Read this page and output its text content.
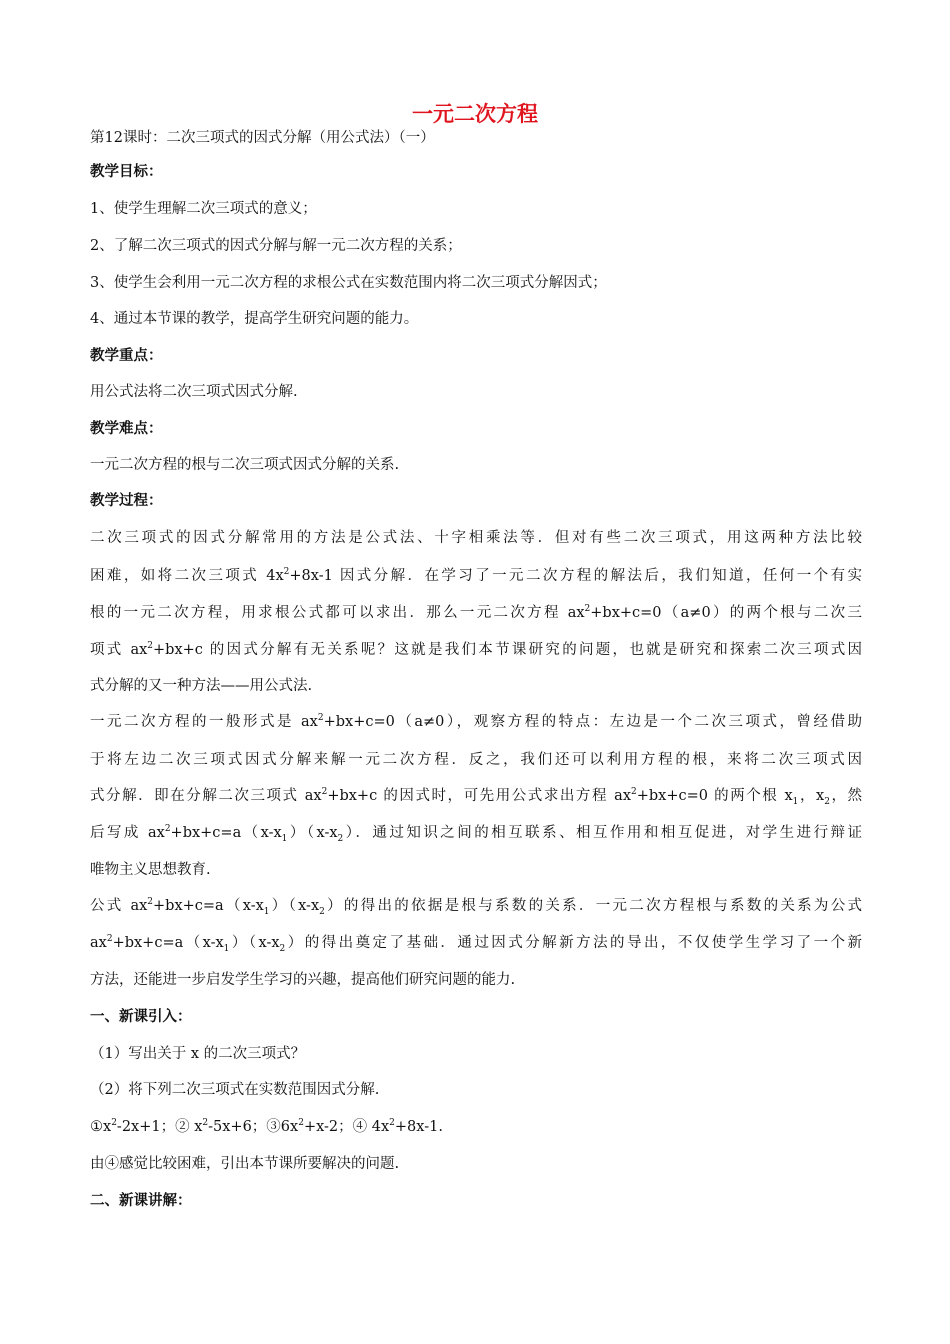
一元二次方程
第12课时：二次三项式的因式分解（用公式法）（一）
教学目标：
1、使学生理解二次三项式的意义；
2、了解二次三项式的因式分解与解一元二次方程的关系；
3、使学生会利用一元二次方程的求根公式在实数范围内将二次三项式分解因式；
4、通过本节课的教学，提高学生研究问题的能力。
教学重点：
用公式法将二次三项式因式分解.
教学难点：
一元二次方程的根与二次三项式因式分解的关系.
教学过程：
二次三项式的因式分解常用的方法是公式法、十字相乘法等．但对有些二次三项式，用这两种方法比较
困难，如将二次三项式 $4x^2+8x-1$ 因式分解．在学习了一元二次方程的解法后，我们知道，任何一个有实
根的一元二次方程，用求根公式都可以求出．那么一元二次方程 $ax^2+bx+c=0(a\ne 0)$的两个根与二次三
项式 $ax^2+bx+c$ 的因式分解有无关系呢？这就是我们本节课研究的问题，也就是研究和探索二次三项式因
式分解的又一种方法——用公式法.
一元二次方程的一般形式是 $ax^2+bx+c=0(a\ne 0)$，观察方程的特点：左边是一个二次三项式，曾经借助
于将左边二次三项式因式分解来解一元二次方程．反之，我们还可以利用方程的根，来将二次三项式因
式分解．即在分解二次三项式 $ax^2+bx+c$ 的因式时，可先用公式求出方程 $ax^2+bx+c=0$ 的两个根 $x_1$，$x_2$，然
后写成 $ax^2+bx+c=a(x-x_1)(x-x_2)$．通过知识之间的相互联系、相互作用和相互促进，对学生进行辩证
唯物主义思想教育.
公式 $ax^2+bx+c=a(x-x_1)(x-x_2)$的得出的依据是根与系数的关系．一元二次方程根与系数的关系为公式
$ax^2+bx+c=a(x-x_1)(x-x_2)$的得出奠定了基础．通过因式分解新方法的导出，不仅使学生学习了一个新
方法，还能进一步启发学生学习的兴趣，提高他们研究问题的能力.
一、新课引入：
（1）写出关于 x 的二次三项式？
（2）将下列二次三项式在实数范围因式分解.
$①x^2-2x+1$；② $x^2-5x+6$；$③6x^2+x-2$；④ $4x^2+8x-1$.
由④感觉比较困难，引出本节课所要解决的问题.
二、新课讲解：
